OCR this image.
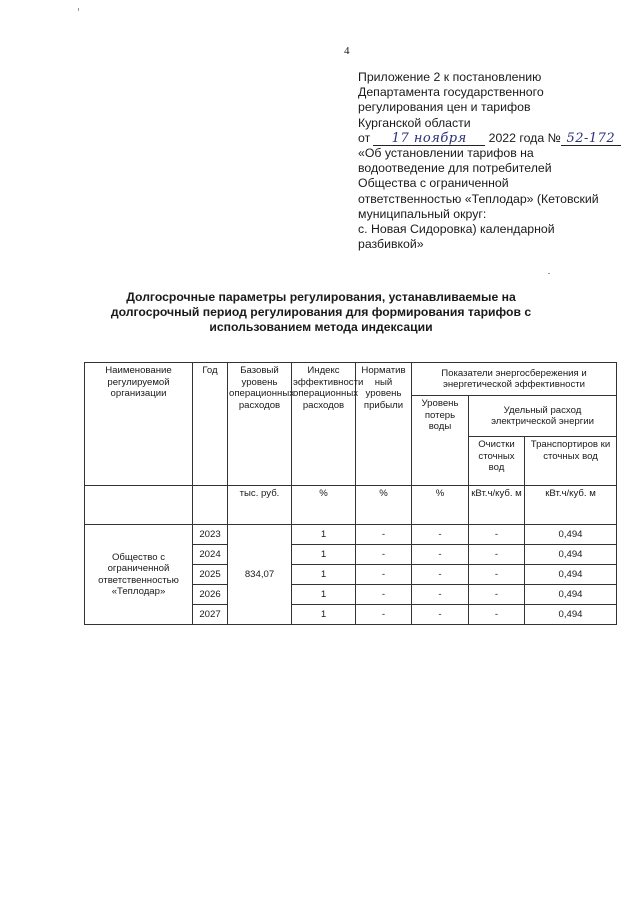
4
Приложение 2 к постановлению
Департамента государственного
регулирования цен и тарифов
Курганской области
от 17 ноября 2022 года № 52-172
«Об установлении тарифов на
водоотведение для потребителей
Общества с ограниченной
ответственностью «Теплодар» (Кетовский
муниципальный округ:
с. Новая Сидоровка) календарной
разбивкой»
Долгосрочные параметры регулирования, устанавливаемые на долгосрочный период регулирования для формирования тарифов с использованием метода индексации
Наименование регулируемой организации	Год	Базовый уровень операционных расходов	Индекс эффективности операционных расходов	Норматив ный уровень прибыли	Показатели энергосбережения и энергетической эффективности		
					Уровень потерь воды	Удельный расход электрической энергии	
						Очистки сточных вод	Транспортиров ки сточных вод
		тыс. руб.	%	%	%	кВт.ч/куб. м	кВт.ч/куб. м
Общество с ограниченной ответственностью «Теплодар»	2023	834,07	1	-	-	-	0,494
	2024		1	-	-	-	0,494
	2025		1	-	-	-	0,494
	2026		1	-	-	-	0,494
	2027		1	-	-	-	0,494
